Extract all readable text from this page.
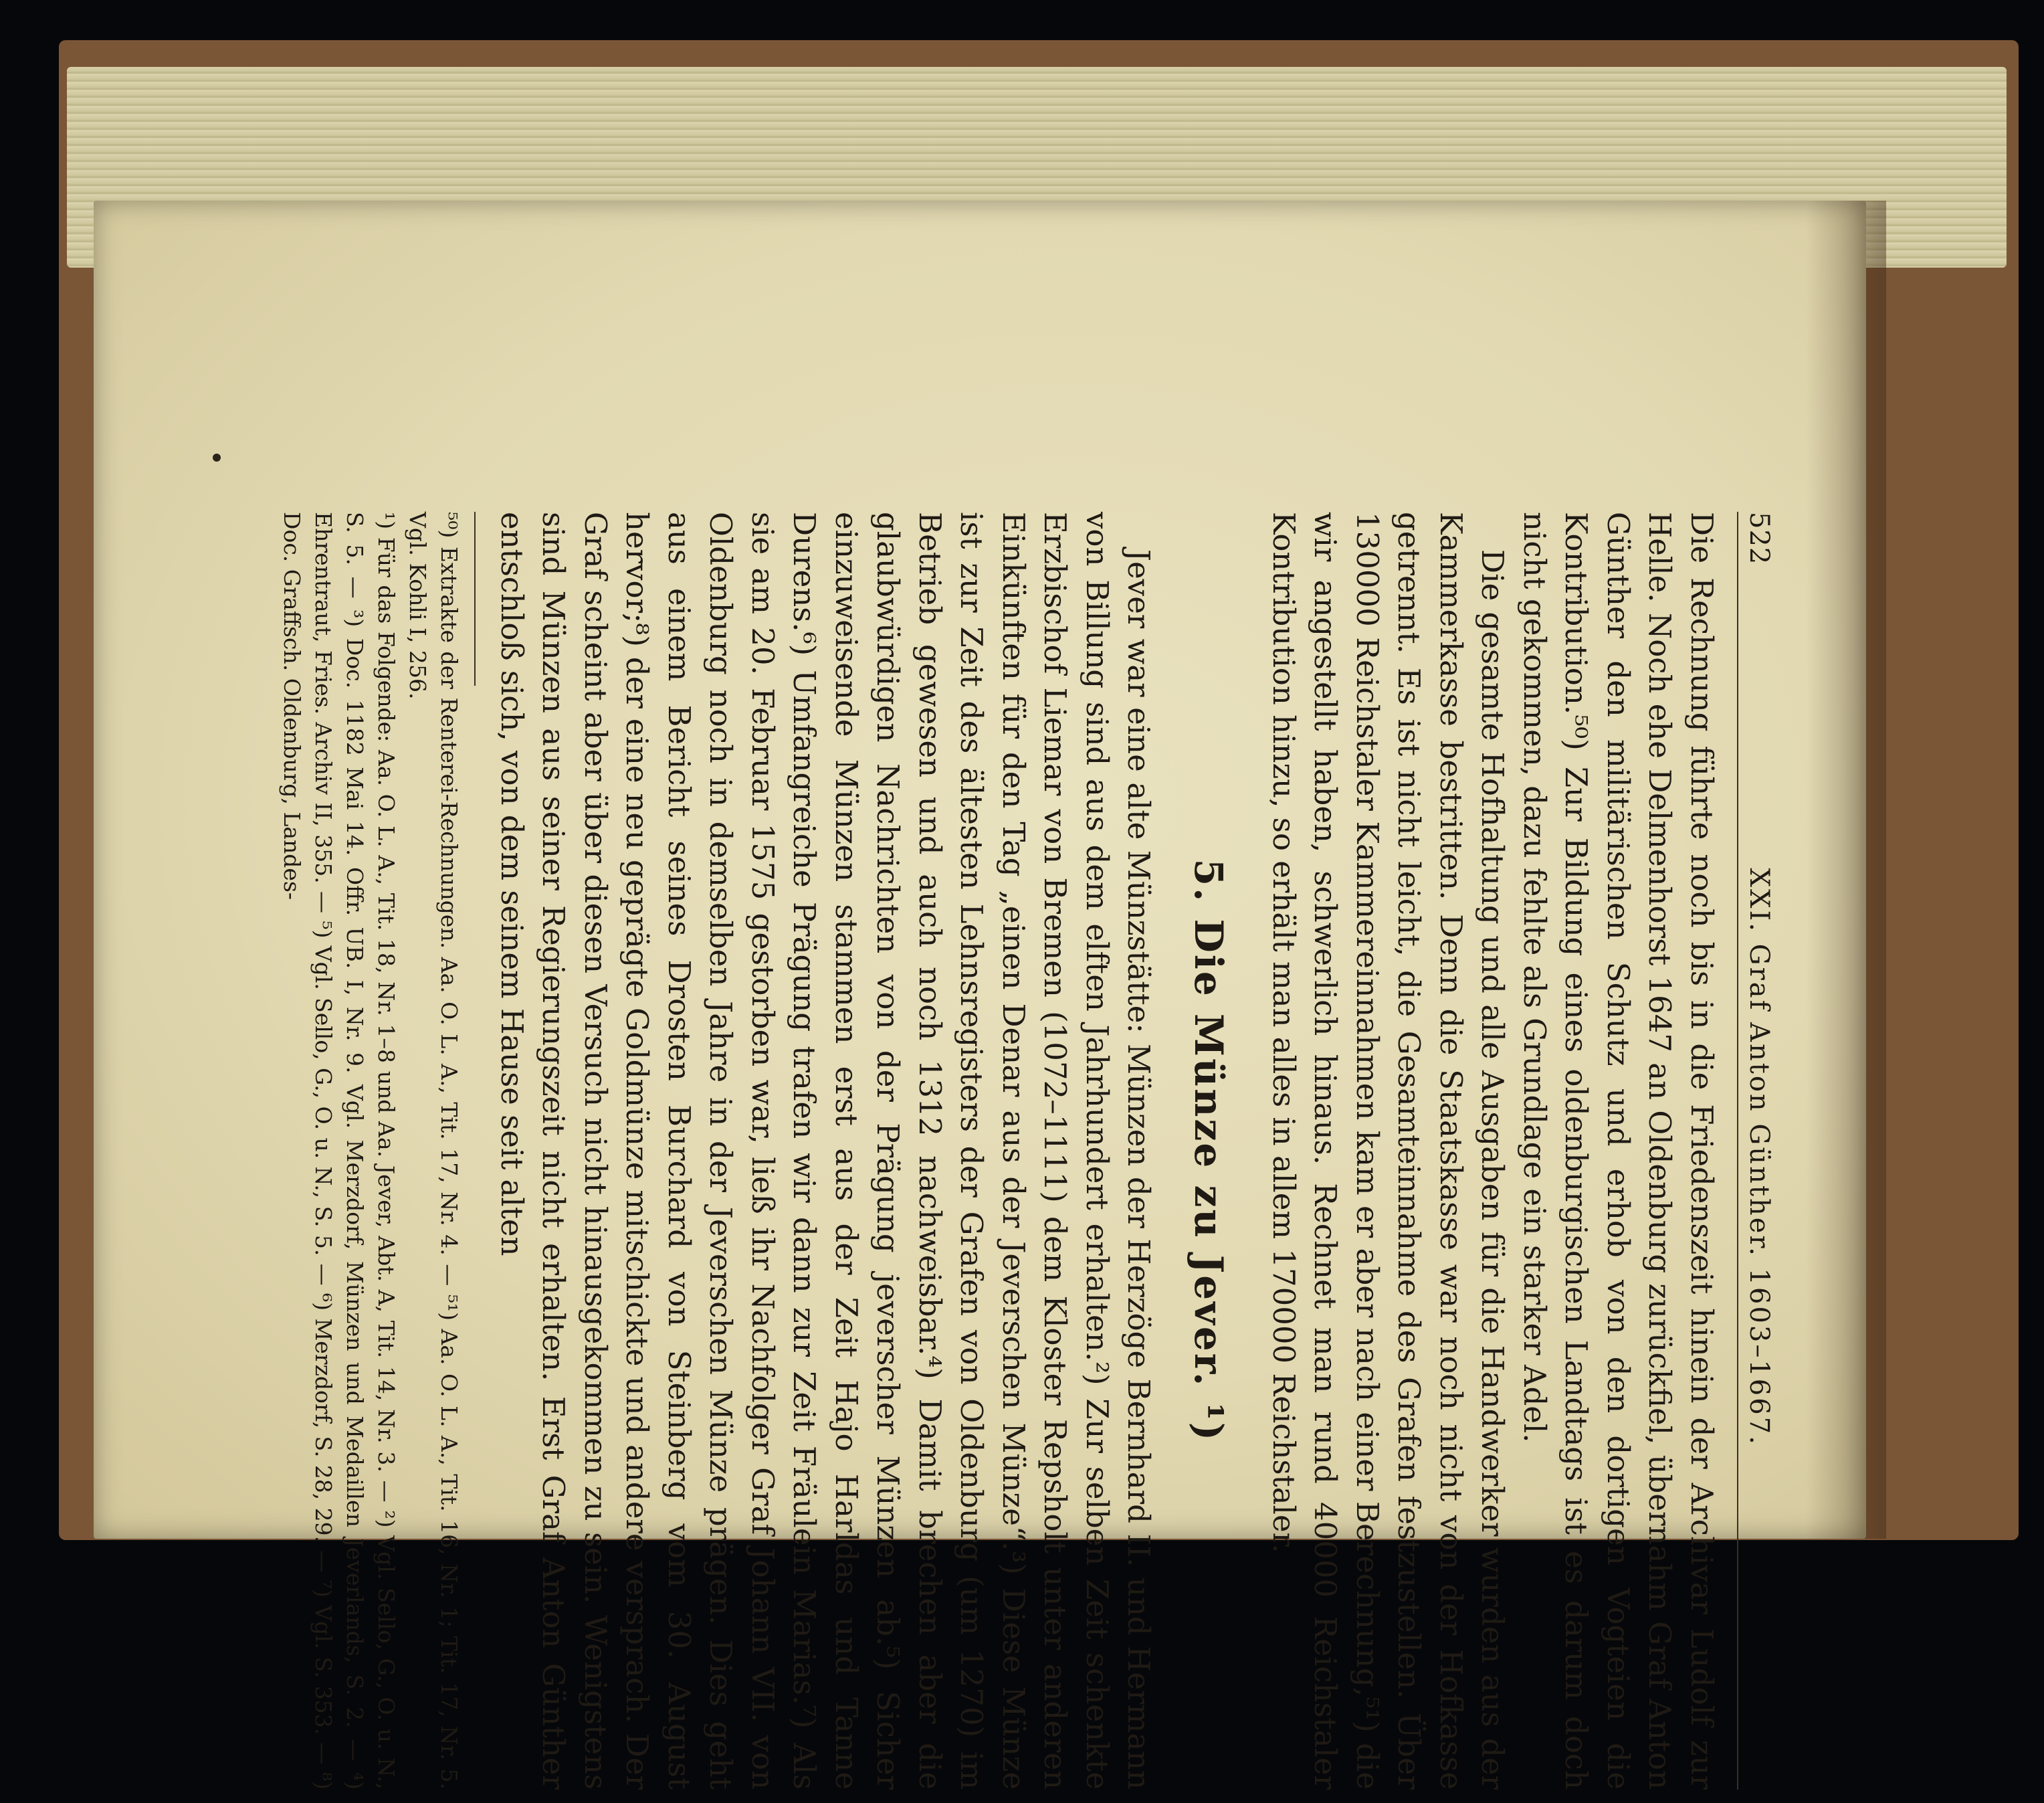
522
XXI. Graf Anton Günther. 1603–1667.

Die Rechnung führte noch bis in die Friedenszeit hinein der Archivar Ludolf zur Helle. Noch ehe Delmenhorst 1647 an Oldenburg zurückfiel, übernahm Graf Anton Günther den militärischen Schutz und erhob von den dortigen Vogteien die Kontribution.⁵⁰) Zur Bildung eines oldenburgischen Landtags ist es darum doch nicht gekommen, dazu fehlte als Grundlage ein starker Adel.

Die gesamte Hofhaltung und alle Ausgaben für die Handwerker wurden aus der Kammerkasse bestritten. Denn die Staatskasse war noch nicht von der Hofkasse getrennt. Es ist nicht leicht, die Gesamteinnahme des Grafen festzustellen. Über 130000 Reichstaler Kammereinnahmen kam er aber nach einer Berechnung,⁵¹) die wir angestellt haben, schwerlich hinaus. Rechnet man rund 40000 Reichstaler Kontribution hinzu, so erhält man alles in allem 170000 Reichstaler.

5. Die Münze zu Jever. ¹)

Jever war eine alte Münzstätte: Münzen der Herzöge Bernhard II. und Hermann von Billung sind aus dem elften Jahrhundert erhalten.²) Zur selben Zeit schenkte Erzbischof Liemar von Bremen (1072–1111) dem Kloster Repsholt unter anderen Einkünften für den Tag „einen Denar aus der Jeverschen Münze“.³) Diese Münze ist zur Zeit des ältesten Lehnsregisters der Grafen von Oldenburg (um 1270) im Betrieb gewesen und auch noch 1312 nachweisbar.⁴) Damit brechen aber die glaubwürdigen Nachrichten von der Prägung jeverscher Münzen ab.⁵) Sicher einzuweisende Münzen stammen erst aus der Zeit Hajo Harldas und Tanne Durens.⁶) Umfangreiche Prägung trafen wir dann zur Zeit Fräulein Marias.⁷) Als sie am 20. Februar 1575 gestorben war, ließ ihr Nachfolger Graf Johann VII. von Oldenburg noch in demselben Jahre in der Jeverschen Münze prägen. Dies geht aus einem Bericht seines Drosten Burchard von Steinberg vom 30. August hervor;⁸) der eine neu geprägte Goldmünze mitschickte und andere versprach. Der Graf scheint aber über diesen Versuch nicht hinausgekommen zu sein. Wenigstens sind Münzen aus seiner Regierungszeit nicht erhalten. Erst Graf Anton Günther entschloß sich, von dem seinem Hause seit alten

⁵⁰) Extrakte der Renterei-Rechnungen. Aa. O. L. A., Tit. 17, Nr. 4. — ⁵¹) Aa. O. L. A., Tit. 16, Nr. 1; Tit. 17, Nr. 5. Vgl. Kohli I, 256.

¹) Für das Folgende: Aa. O. L. A., Tit. 18, Nr. 1–8 und Aa. Jever, Abt. A, Tit. 14, Nr. 3. — ²) Vgl. Sello, G., O. u. N., S. 5. — ³) Doc. 1182 Mai 14. Offr. UB. I, Nr. 9. Vgl. Merzdorf, Münzen und Medaillen Jeverlands, S. 2. — ⁴) Ehrentraut, Fries. Archiv II, 355. — ⁵) Vgl. Sello, G., O. u. N., S. 5. — ⁶) Merzdorf, S. 28, 29. — ⁷) Vgl. S. 353. — ⁸) Doc. Graffsch. Oldenburg, Landes-
